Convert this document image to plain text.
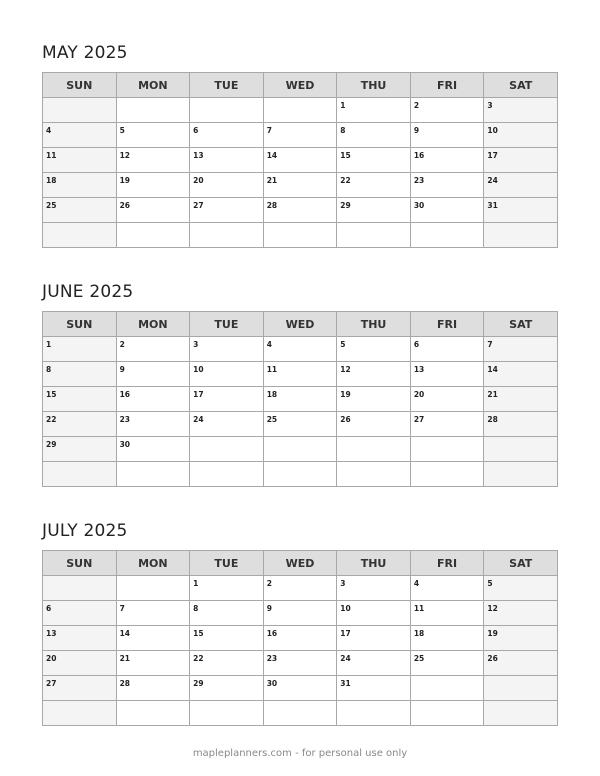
MAY 2025
SUN	MON	TUE	WED	THU	FRI	SAT

				1	2	3

4	5	6	7	8	9	10

11	12	13	14	15	16	17

18	19	20	21	22	23	24

25	26	27	28	29	30	31

JUNE 2025
SUN	MON	TUE	WED	THU	FRI	SAT

1	2	3	4	5	6	7

8	9	10	11	12	13	14

15	16	17	18	19	20	21

22	23	24	25	26	27	28

29	30					

JULY 2025
SUN	MON	TUE	WED	THU	FRI	SAT

		1	2	3	4	5

6	7	8	9	10	11	12

13	14	15	16	17	18	19

20	21	22	23	24	25	26

27	28	29	30	31		

mapleplanners.com - for personal use only
